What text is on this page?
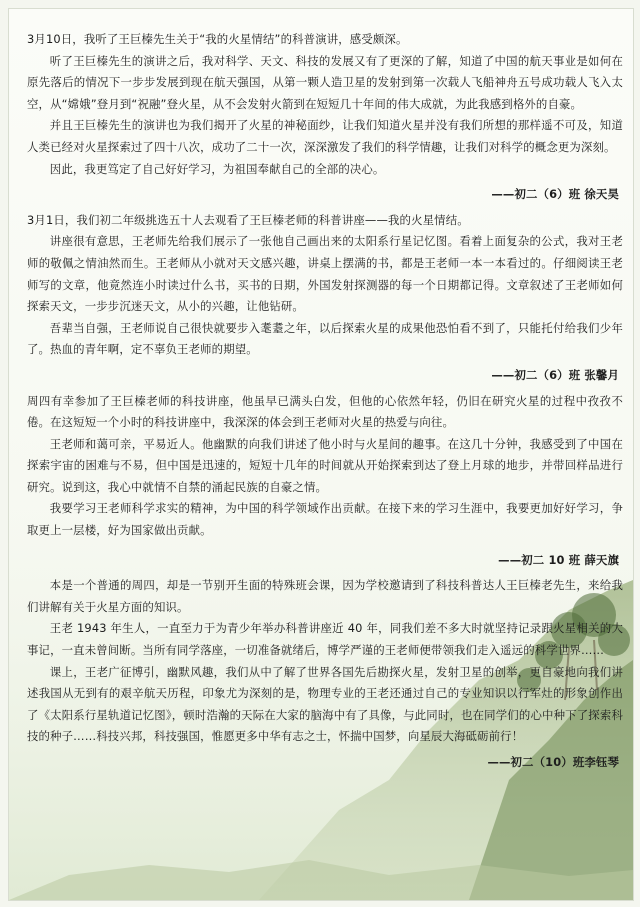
3月10日，我听了王巨榛先生关于“我的火星情结”的科普演讲，感受颇深。

听了王巨榛先生的演讲之后，我对科学、天文、科技的发展又有了更深的了解，知道了中国的航天事业是如何在原先落后的情况下一步步发展到现在航天强国，从第一颗人造卫星的发射到第一次载人飞船神舟五号成功载人飞入太空，从“嫦娥”登月到“祝融”登火星，从不会发射火箭到在短短几十年间的伟大成就，为此我感到格外的自豪。

并且王巨榛先生的演讲也为我们揭开了火星的神秘面纱，让我们知道火星并没有我们所想的那样遥不可及，知道人类已经对火星探索过了四十八次，成功了二十一次，深深激发了我们的科学情趣，让我们对科学的概念更为深刻。

因此，我更笃定了自己好好学习，为祖国奉献自己的全部的决心。

——初二（6）班 徐天昊

3月1日，我们初二年级挑选五十人去观看了王巨榛老师的科普讲座——我的火星情结。

讲座很有意思，王老师先给我们展示了一张他自己画出来的太阳系行星记忆图。看着上面复杂的公式，我对王老师的敬佩之情油然而生。王老师从小就对天文感兴趣，讲桌上摆满的书，都是王老师一本一本看过的。仔细阅读王老师写的文章，他竟然连小时读过什么书，买书的日期，外国发射探测器的每一个日期都记得。文章叙述了王老师如何探索天文，一步步沉迷天文，从小的兴趣，让他钻研。

吾辈当自强，王老师说自己很快就要步入耄耋之年，以后探索火星的成果他恐怕看不到了，只能托付给我们少年了。热血的青年啊，定不辜负王老师的期望。

——初二（6）班 张馨月

周四有幸参加了王巨榛老师的科技讲座，他虽早已满头白发，但他的心依然年轻，仍旧在研究火星的过程中孜孜不倦。在这短短一个小时的科技讲座中，我深深的体会到王老师对火星的热爱与向往。

王老师和蔼可亲，平易近人。他幽默的向我们讲述了他小时与火星间的趣事。在这几十分钟，我感受到了中国在探索宇宙的困难与不易，但中国是迅速的，短短十几年的时间就从开始探索到达了登上月球的地步，并带回样品进行研究。说到这，我心中就情不自禁的涌起民族的自豪之情。

我要学习王老师科学求实的精神，为中国的科学领域作出贡献。在接下来的学习生涯中，我要更加好好学习，争取更上一层楼，好为国家做出贡献。

——初二 10 班 薛天旗

本是一个普通的周四，却是一节别开生面的特殊班会课，因为学校邀请到了科技科普达人王巨榛老先生，来给我们讲解有关于火星方面的知识。

王老 1943 年生人，一直至力于为青少年举办科普讲座近 40 年，同我们差不多大时就坚持记录跟火星相关的大事记，一直未曾间断。当所有同学落座，一切准备就绪后，博学严谨的王老师便带领我们走入遥远的科学世界……

课上，王老广征博引，幽默风趣，我们从中了解了世界各国先后勘探火星，发射卫星的创举，更自豪地向我们讲述我国从无到有的艰辛航天历程，印象尤为深刻的是，物理专业的王老还通过自己的专业知识以行军灶的形象创作出了《太阳系行星轨道记忆图》，顿时浩瀚的天际在大家的脑海中有了具像，与此同时，也在同学们的心中种下了探索科技的种子……科技兴邦，科技强国，惟愿更多中华有志之士，怀揣中国梦，向星辰大海砥砺前行！

——初二（10）班李钰琴
